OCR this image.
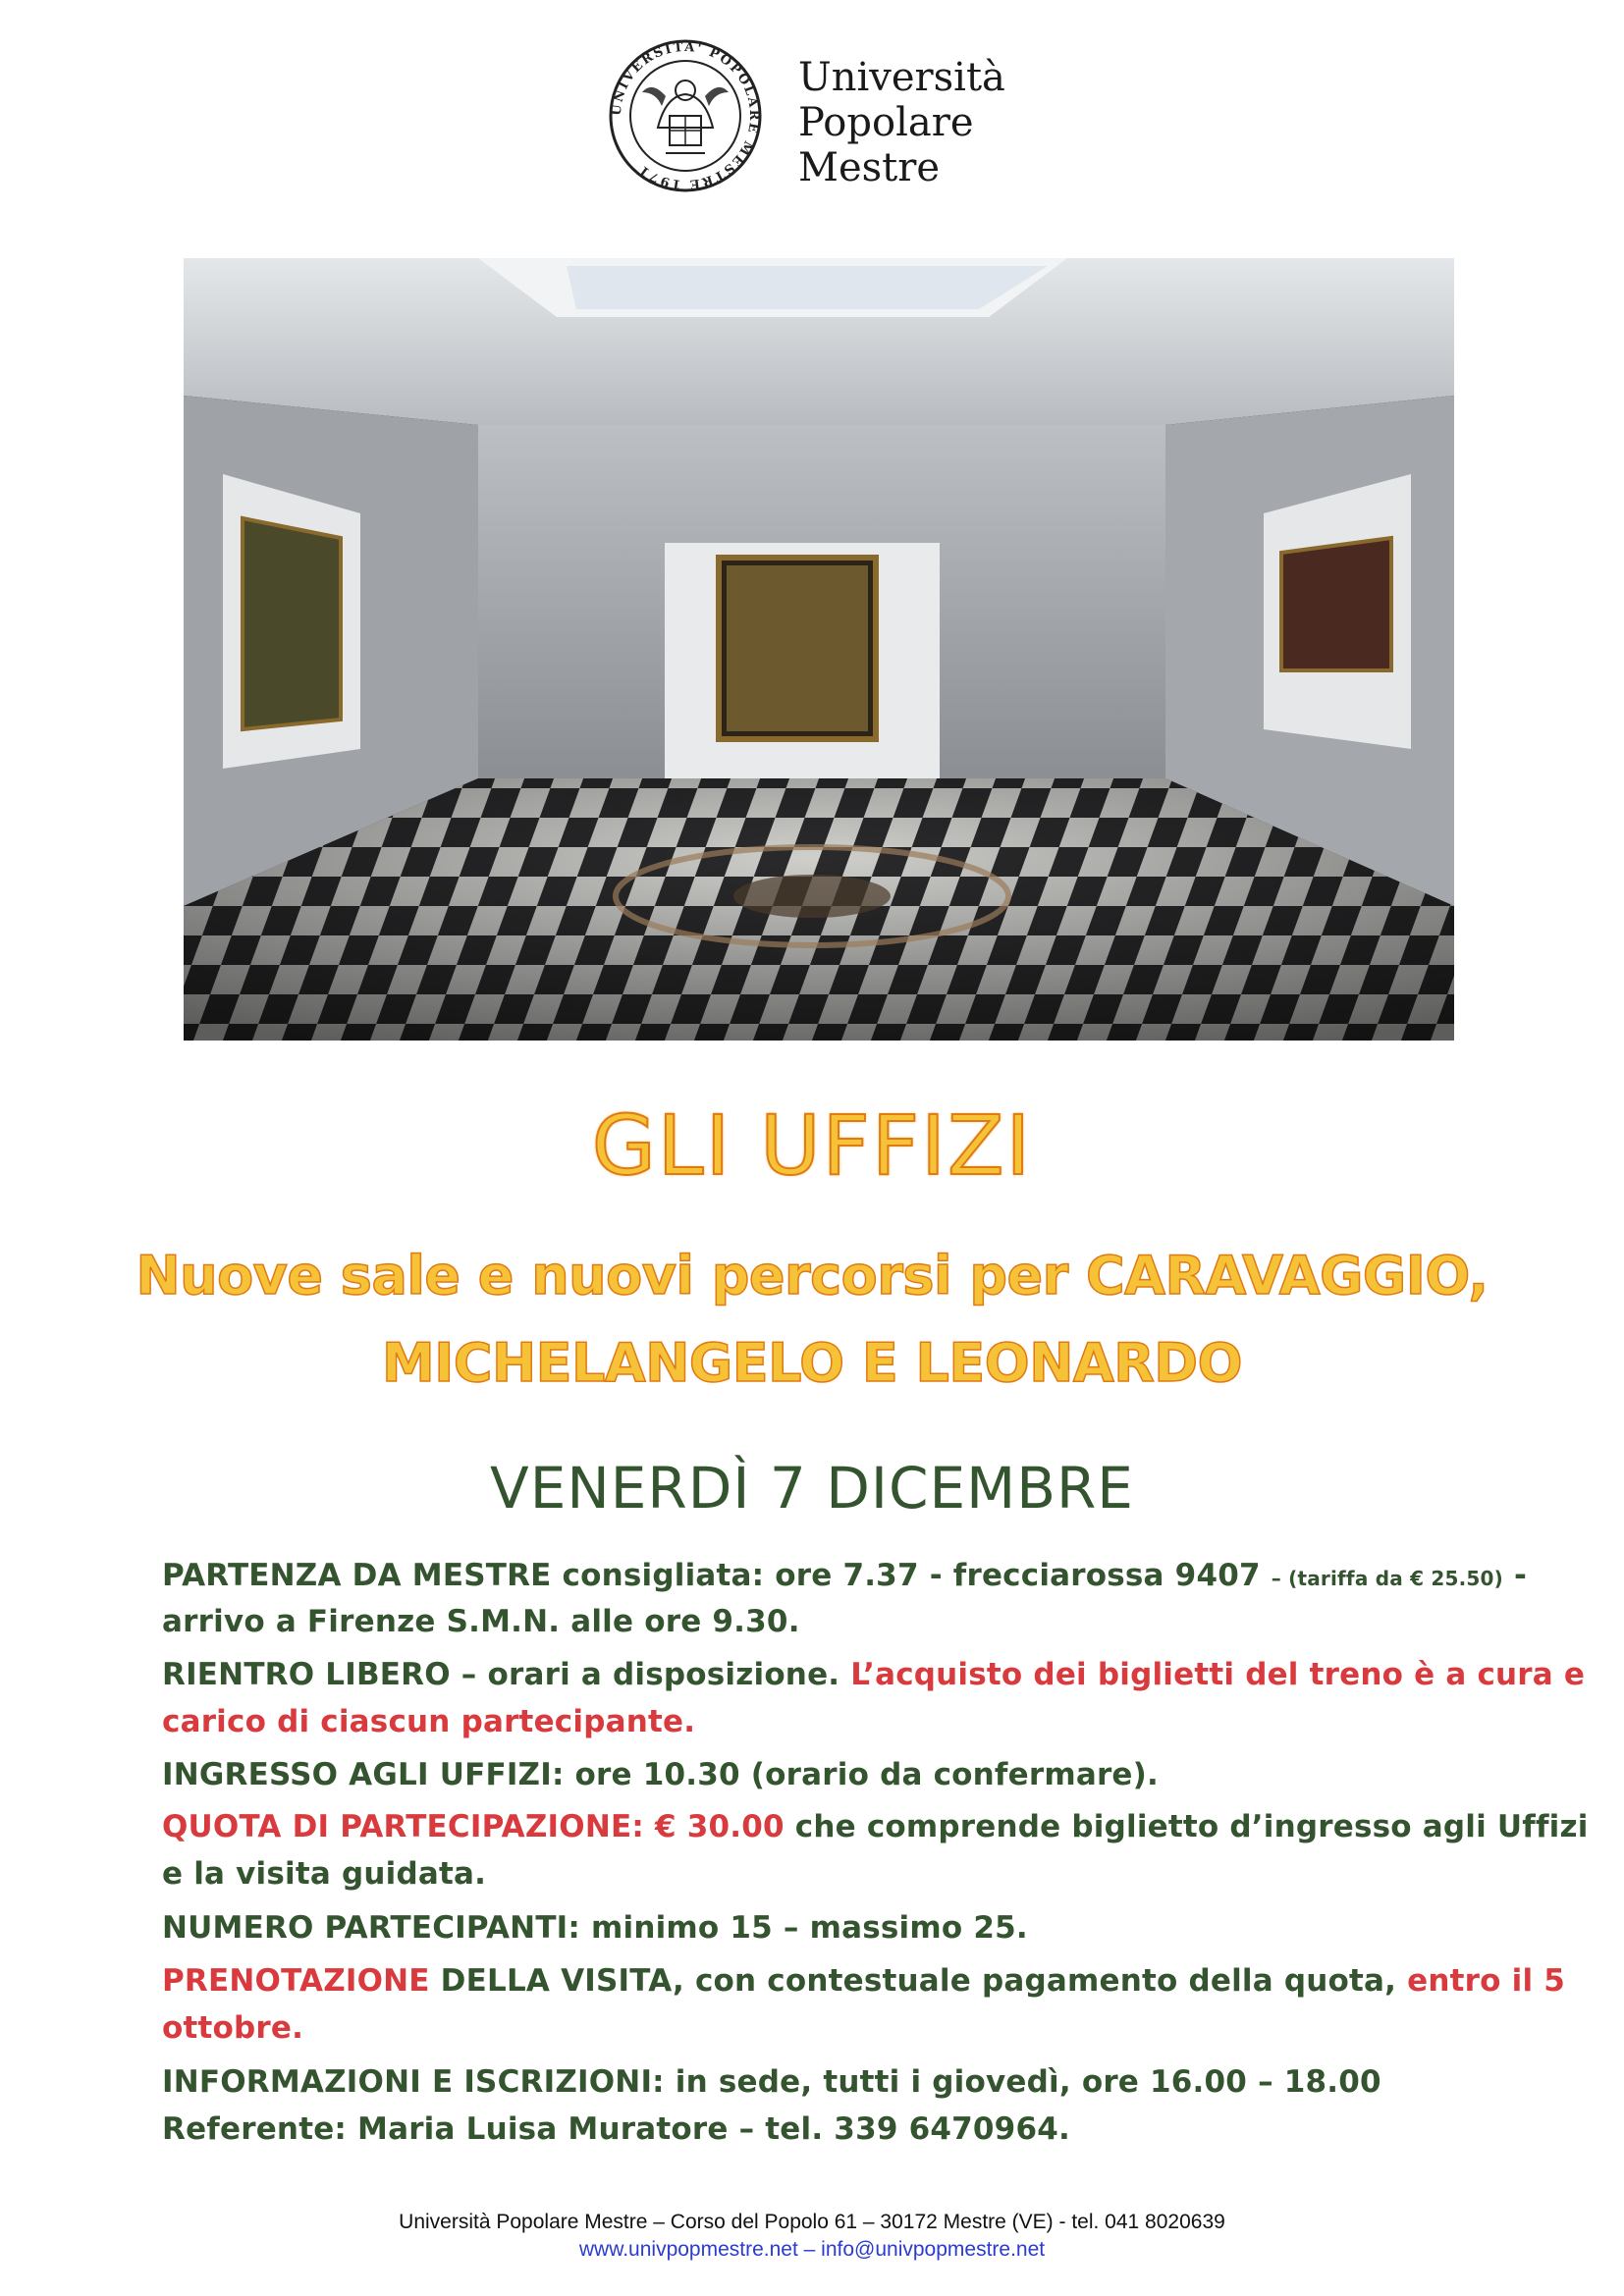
UNIVERSITA' POPOLARE MESTRE 1971
Università
Popolare
Mestre
GLI UFFIZI
Nuove sale e nuovi percorsi per CARAVAGGIO,
MICHELANGELO E LEONARDO
VENERDÌ 7 DICEMBRE
PARTENZA DA MESTRE consigliata: ore 7.37 - frecciarossa 9407 – (tariffa da € 25.50) -
arrivo a Firenze S.M.N. alle ore 9.30.
RIENTRO LIBERO – orari a disposizione. L’acquisto dei biglietti del treno è a cura e
carico di ciascun partecipante.
INGRESSO AGLI UFFIZI: ore 10.30 (orario da confermare).
QUOTA DI PARTECIPAZIONE: € 30.00 che comprende biglietto d’ingresso agli Uffizi
e la visita guidata.
NUMERO PARTECIPANTI: minimo 15 – massimo 25.
PRENOTAZIONE DELLA VISITA, con contestuale pagamento della quota, entro il 5
ottobre.
INFORMAZIONI E ISCRIZIONI: in sede, tutti i giovedì, ore 16.00 – 18.00
Referente: Maria Luisa Muratore – tel. 339 6470964.
Università Popolare Mestre – Corso del Popolo 61 – 30172 Mestre (VE) - tel. 041 8020639
www.univpopmestre.net – info@univpopmestre.net
